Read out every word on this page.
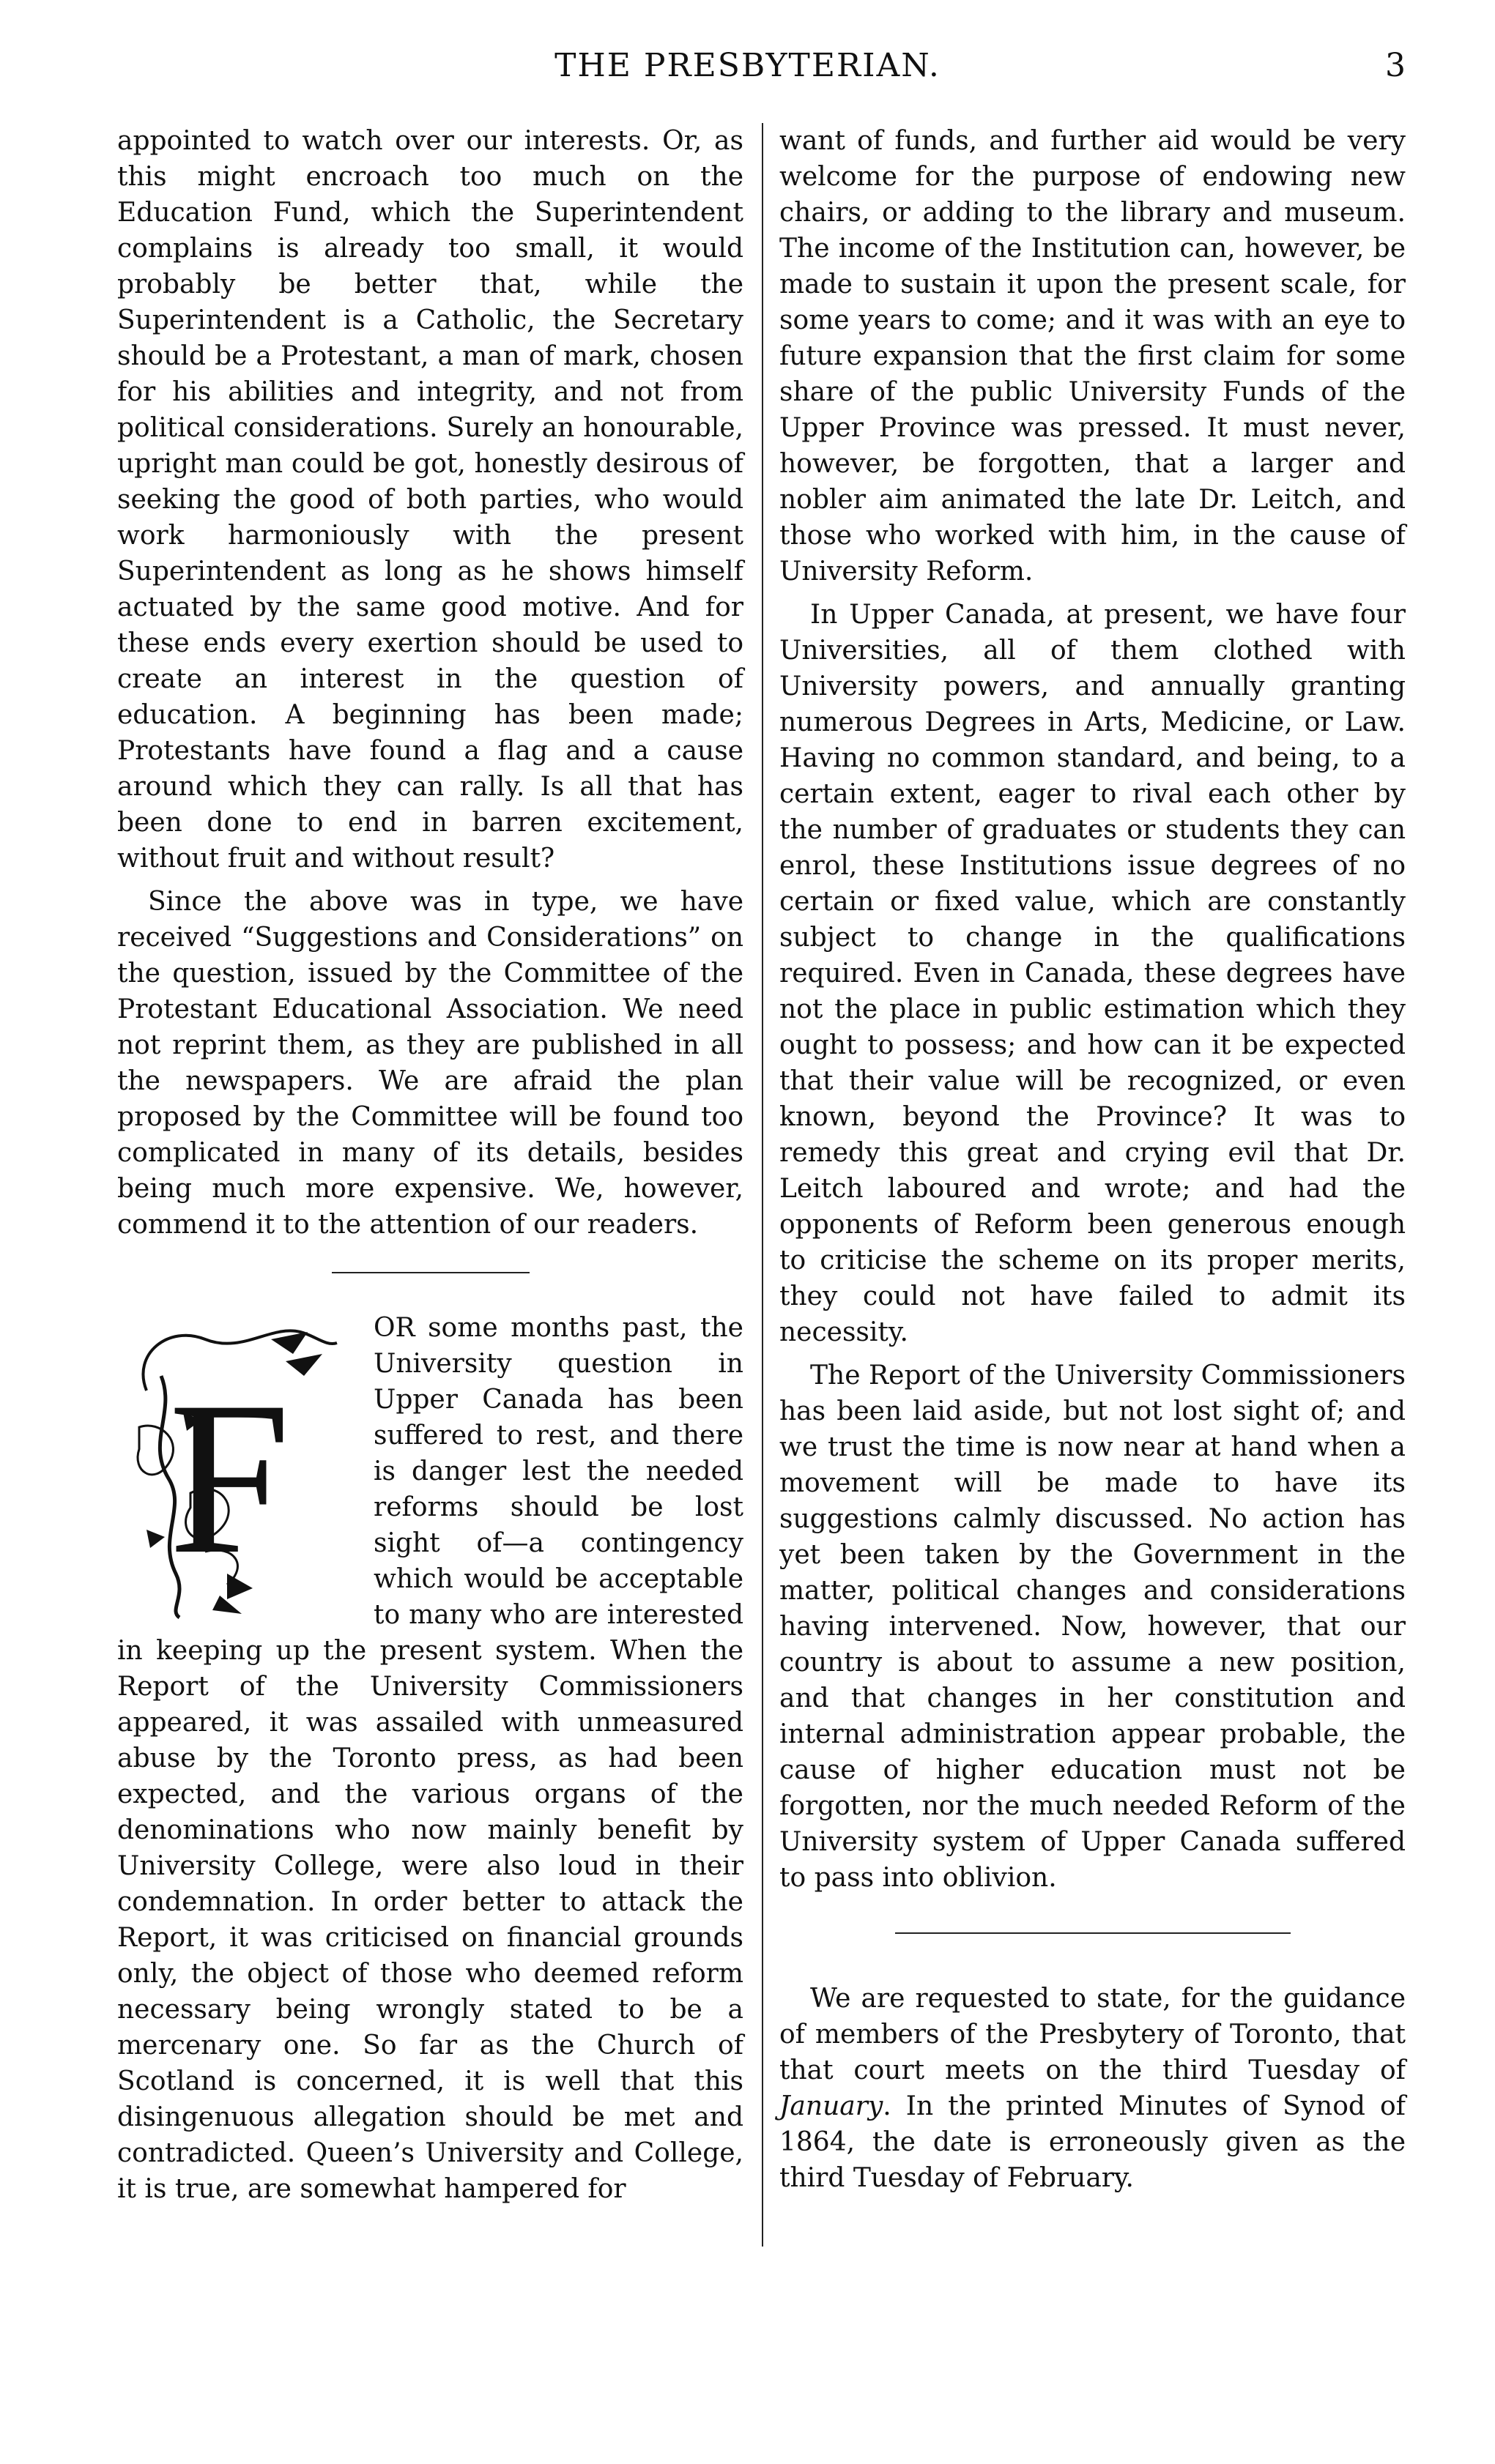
THE PRESBYTERIAN.	3

appointed to watch over our interests. Or, as this might encroach too much on the Education Fund, which the Superintendent complains is already too small, it would probably be better that, while the Superintendent is a Catholic, the Secretary should be a Protestant, a man of mark, chosen for his abilities and integrity, and not from political considerations. Surely an honourable, upright man could be got, honestly desirous of seeking the good of both parties, who would work harmoniously with the present Superintendent as long as he shows himself actuated by the same good motive. And for these ends every exertion should be used to create an interest in the question of education. A beginning has been made; Protestants have found a flag and a cause around which they can rally. Is all that has been done to end in barren excitement, without fruit and without result?

Since the above was in type, we have received “Suggestions and Considerations” on the question, issued by the Committee of the Protestant Educational Association. We need not reprint them, as they are published in all the newspapers. We are afraid the plan proposed by the Committee will be found too complicated in many of its details, besides being much more expensive. We, however, commend it to the attention of our readers.

F

OR some months past, the University question in Upper Canada has been suffered to rest, and there is danger lest the needed reforms should be lost sight of—a contingency which would be acceptable to many who are interested in keeping up the present system. When the Report of the University Commissioners appeared, it was assailed with unmeasured abuse by the Toronto press, as had been expected, and the various organs of the denominations who now mainly benefit by University College, were also loud in their condemnation. In order better to attack the Report, it was criticised on financial grounds only, the object of those who deemed reform necessary being wrongly stated to be a mercenary one. So far as the Church of Scotland is concerned, it is well that this disingenuous allegation should be met and contradicted. Queen’s University and College, it is true, are somewhat hampered for

want of funds, and further aid would be very welcome for the purpose of endowing new chairs, or adding to the library and museum. The income of the Institution can, however, be made to sustain it upon the present scale, for some years to come; and it was with an eye to future expansion that the first claim for some share of the public University Funds of the Upper Province was pressed. It must never, however, be forgotten, that a larger and nobler aim animated the late Dr. Leitch, and those who worked with him, in the cause of University Reform.

In Upper Canada, at present, we have four Universities, all of them clothed with University powers, and annually granting numerous Degrees in Arts, Medicine, or Law. Having no common standard, and being, to a certain extent, eager to rival each other by the number of graduates or students they can enrol, these Institutions issue degrees of no certain or fixed value, which are constantly subject to change in the qualifications required. Even in Canada, these degrees have not the place in public estimation which they ought to possess; and how can it be expected that their value will be recognized, or even known, beyond the Province? It was to remedy this great and crying evil that Dr. Leitch laboured and wrote; and had the opponents of Reform been generous enough to criticise the scheme on its proper merits, they could not have failed to admit its necessity.

The Report of the University Commissioners has been laid aside, but not lost sight of; and we trust the time is now near at hand when a movement will be made to have its suggestions calmly discussed. No action has yet been taken by the Government in the matter, political changes and considerations having intervened. Now, however, that our country is about to assume a new position, and that changes in her constitution and internal administration appear probable, the cause of higher education must not be forgotten, nor the much needed Reform of the University system of Upper Canada suffered to pass into oblivion.

We are requested to state, for the guidance of members of the Presbytery of Toronto, that that court meets on the third Tuesday of January. In the printed Minutes of Synod of 1864, the date is erroneously given as the third Tuesday of February.
